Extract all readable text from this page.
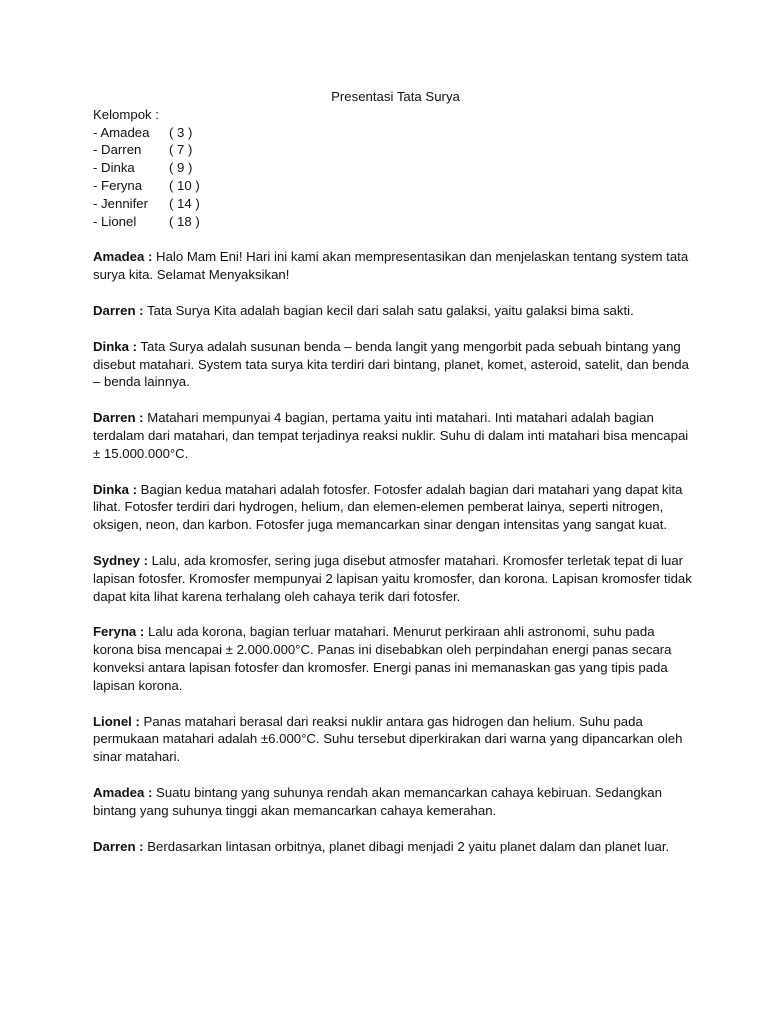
Presentasi Tata Surya
Kelompok :
- Amadea	( 3 )
- Darren	( 7 )
- Dinka	( 9 )
- Feryna	( 10 )
- Jennifer	( 14 )
- Lionel	( 18 )

Amadea : Halo Mam Eni! Hari ini kami akan mempresentasikan dan menjelaskan tentang system tata surya kita. Selamat Menyaksikan!

Darren : Tata Surya Kita adalah bagian kecil dari salah satu galaksi, yaitu galaksi bima sakti.

Dinka : Tata Surya adalah susunan benda – benda langit yang mengorbit pada sebuah bintang yang disebut matahari. System tata surya kita terdiri dari bintang, planet, komet, asteroid, satelit, dan benda – benda lainnya.

Darren : Matahari mempunyai 4 bagian, pertama yaitu inti matahari. Inti matahari adalah bagian terdalam dari matahari, dan tempat terjadinya reaksi nuklir. Suhu di dalam inti matahari bisa mencapai ± 15.000.000°C.

Dinka : Bagian kedua matahari adalah fotosfer. Fotosfer adalah bagian dari matahari yang dapat kita lihat. Fotosfer terdiri dari hydrogen, helium, dan elemen-elemen pemberat lainya, seperti nitrogen, oksigen, neon, dan karbon. Fotosfer juga memancarkan sinar dengan intensitas yang sangat kuat.

Sydney : Lalu, ada kromosfer, sering juga disebut atmosfer matahari. Kromosfer terletak tepat di luar lapisan fotosfer. Kromosfer mempunyai 2 lapisan yaitu kromosfer, dan korona. Lapisan kromosfer tidak dapat kita lihat karena terhalang oleh cahaya terik dari fotosfer.

Feryna : Lalu ada korona, bagian terluar matahari. Menurut perkiraan ahli astronomi, suhu pada korona bisa mencapai ± 2.000.000°C. Panas ini disebabkan oleh perpindahan energi panas secara konveksi antara lapisan fotosfer dan kromosfer. Energi panas ini memanaskan gas yang tipis pada lapisan korona.

Lionel : Panas matahari berasal dari reaksi nuklir antara gas hidrogen dan helium. Suhu pada permukaan matahari adalah ±6.000°C. Suhu tersebut diperkirakan dari warna yang dipancarkan oleh sinar matahari.

Amadea : Suatu bintang yang suhunya rendah akan memancarkan cahaya kebiruan. Sedangkan bintang yang suhunya tinggi akan memancarkan cahaya kemerahan.

Darren : Berdasarkan lintasan orbitnya, planet dibagi menjadi 2 yaitu planet dalam dan planet luar.
